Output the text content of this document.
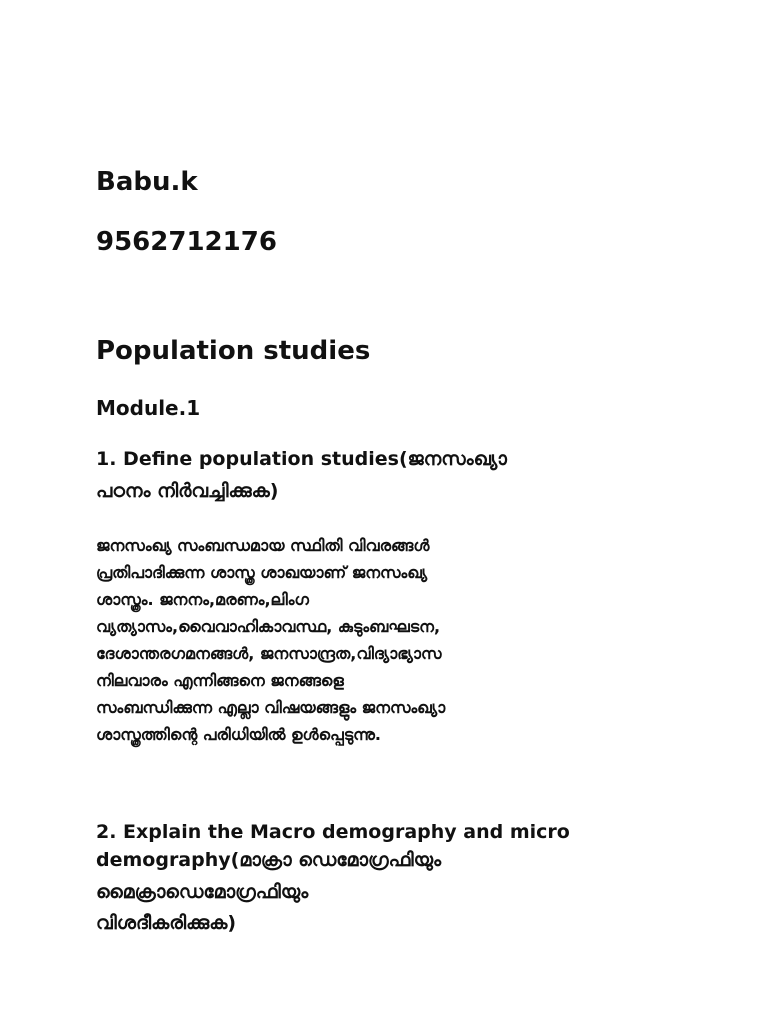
Babu.k

9562712176

Population studies

Module.1

1. Define population studies(ജനസംഖ്യാ

പഠനം നിർവച്ചിക്കുക)

ജനസംഖ്യ സംബന്ധമായ സ്ഥിതി വിവരങ്ങൾ

പ്രതിപാദിക്കുന്ന ശാസ്ത്ര ശാഖയാണ് ജനസംഖ്യ

ശാസ്ത്രം. ജനനം,മരണം,ലിംഗ

വ്യത്യാസം,വൈവാഹികാവസ്ഥ, കുടുംബഘടന,

ദേശാന്തരഗമനങ്ങൾ, ജനസാന്ദ്രത,വിദ്യാഭ്യാസ

നിലവാരം എന്നിങ്ങനെ ജനങ്ങളെ

സംബന്ധിക്കുന്ന എല്ലാ വിഷയങ്ങളും ജനസംഖ്യാ

ശാസ്ത്രത്തിന്റെ പരിധിയിൽ ഉൾപ്പെടുന്നു.

2. Explain the Macro demography and micro

demography(മാക്രാ ഡെമോഗ്രഫിയും

മൈക്രാഡെമോഗ്രഫിയും

വിശദീകരിക്കുക)
